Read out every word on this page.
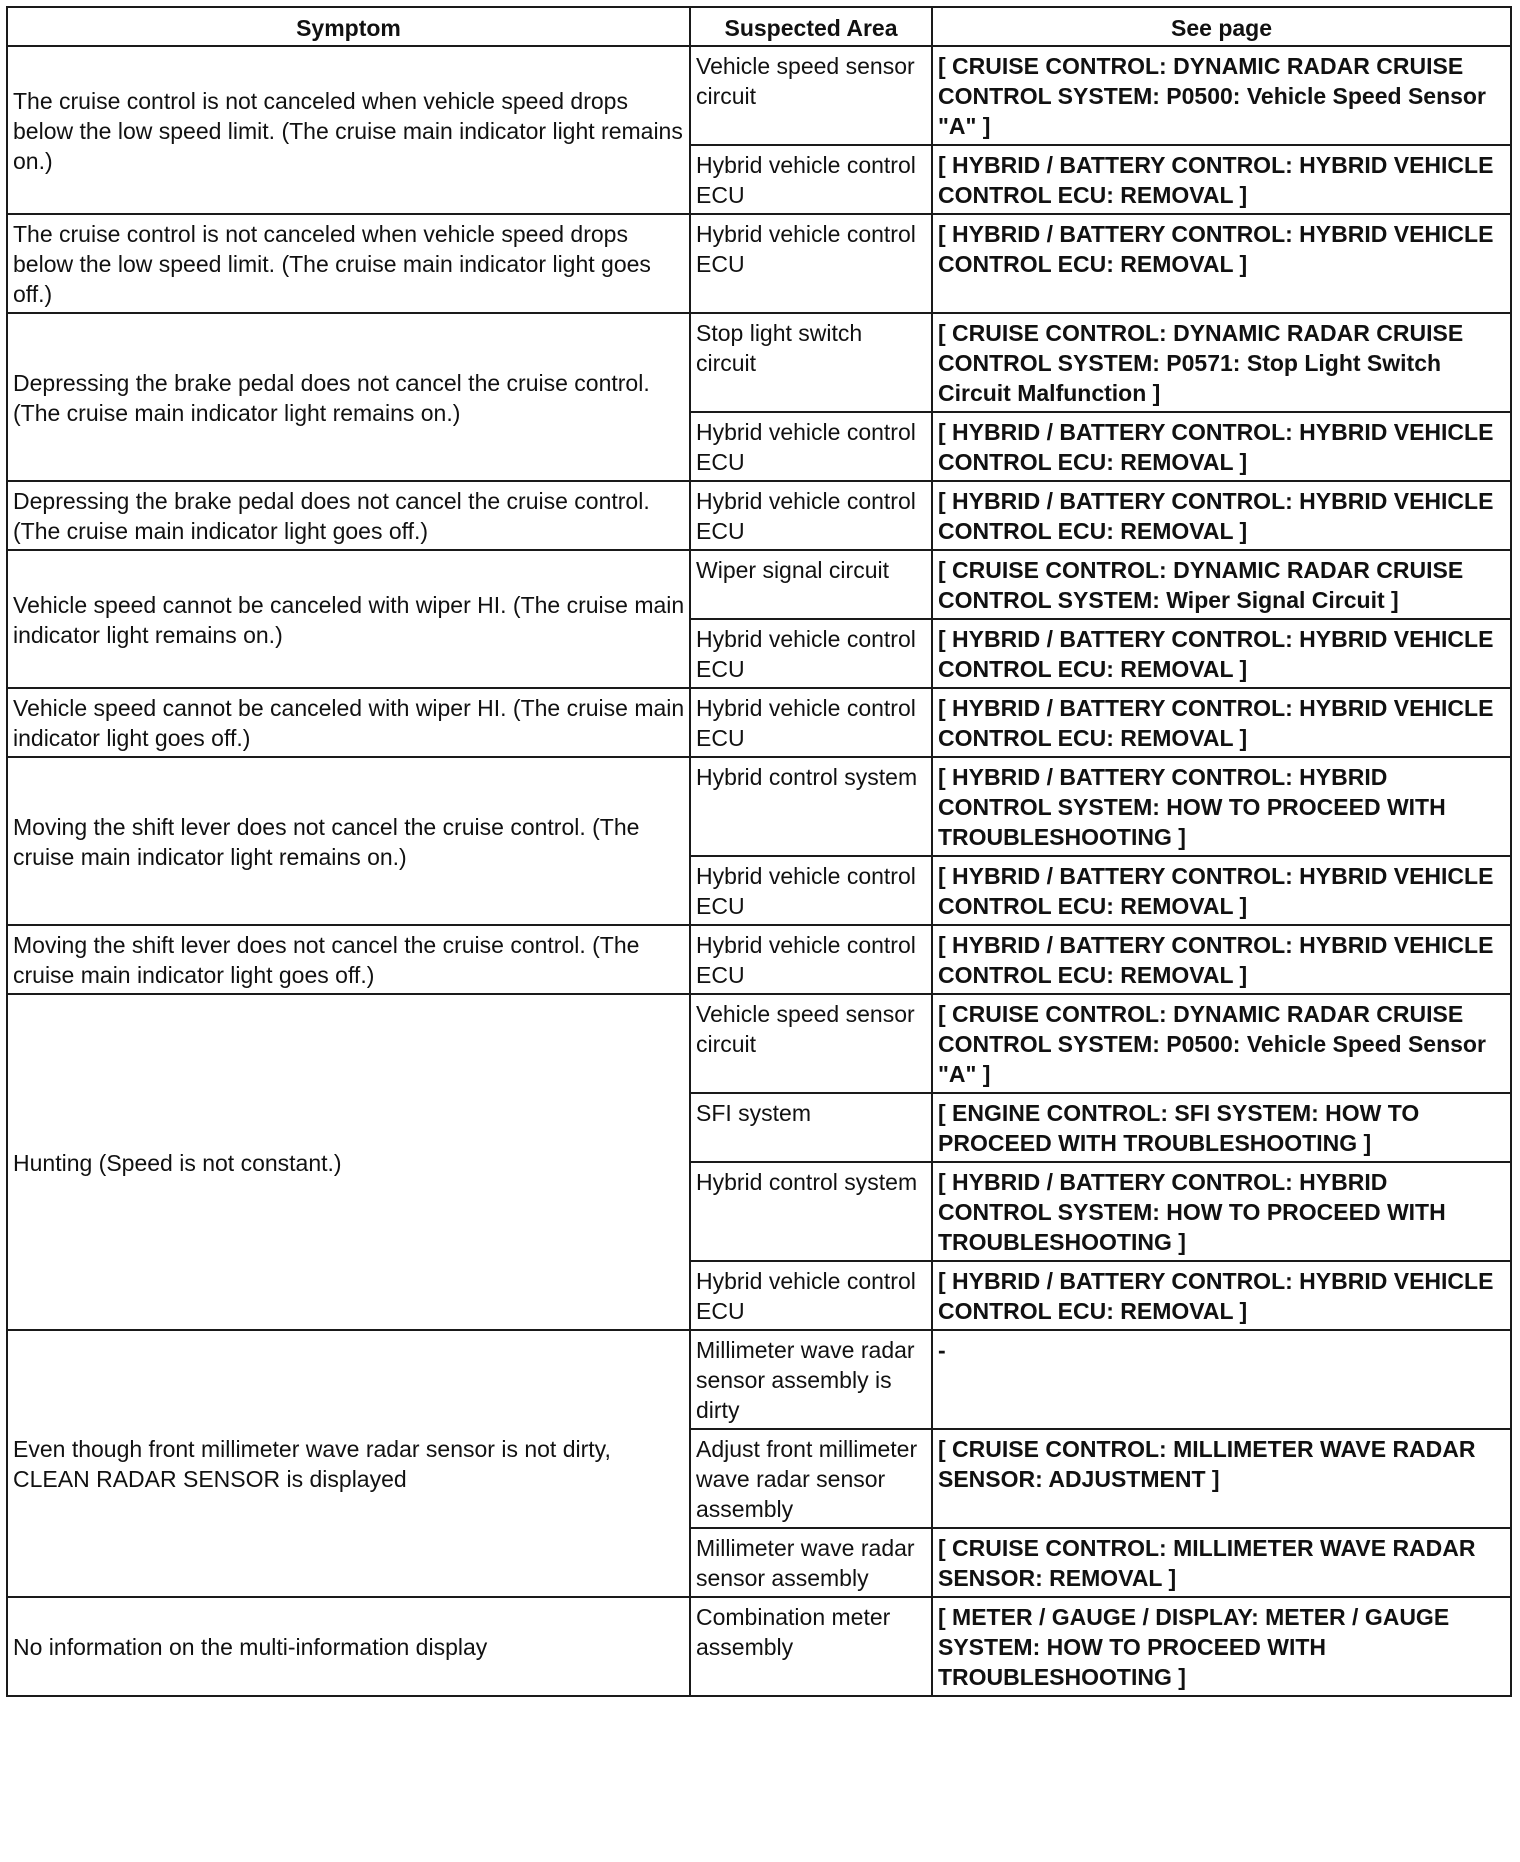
Symptom	Suspected Area	See page
The cruise control is not canceled when vehicle speed drops below the low speed limit. (The cruise main indicator light remains on.)	Vehicle speed sensor circuit	[ CRUISE CONTROL: DYNAMIC RADAR CRUISE CONTROL SYSTEM: P0500: Vehicle Speed Sensor "A" ]
	Hybrid vehicle control ECU	[ HYBRID / BATTERY CONTROL: HYBRID VEHICLE CONTROL ECU: REMOVAL ]
The cruise control is not canceled when vehicle speed drops below the low speed limit. (The cruise main indicator light goes off.)	Hybrid vehicle control ECU	[ HYBRID / BATTERY CONTROL: HYBRID VEHICLE CONTROL ECU: REMOVAL ]
Depressing the brake pedal does not cancel the cruise control. (The cruise main indicator light remains on.)	Stop light switch circuit	[ CRUISE CONTROL: DYNAMIC RADAR CRUISE CONTROL SYSTEM: P0571: Stop Light Switch Circuit Malfunction ]
	Hybrid vehicle control ECU	[ HYBRID / BATTERY CONTROL: HYBRID VEHICLE CONTROL ECU: REMOVAL ]
Depressing the brake pedal does not cancel the cruise control. (The cruise main indicator light goes off.)	Hybrid vehicle control ECU	[ HYBRID / BATTERY CONTROL: HYBRID VEHICLE CONTROL ECU: REMOVAL ]
Vehicle speed cannot be canceled with wiper HI. (The cruise main indicator light remains on.)	Wiper signal circuit	[ CRUISE CONTROL: DYNAMIC RADAR CRUISE CONTROL SYSTEM: Wiper Signal Circuit ]
	Hybrid vehicle control ECU	[ HYBRID / BATTERY CONTROL: HYBRID VEHICLE CONTROL ECU: REMOVAL ]
Vehicle speed cannot be canceled with wiper HI. (The cruise main indicator light goes off.)	Hybrid vehicle control ECU	[ HYBRID / BATTERY CONTROL: HYBRID VEHICLE CONTROL ECU: REMOVAL ]
Moving the shift lever does not cancel the cruise control. (The cruise main indicator light remains on.)	Hybrid control system	[ HYBRID / BATTERY CONTROL: HYBRID CONTROL SYSTEM: HOW TO PROCEED WITH TROUBLESHOOTING ]
	Hybrid vehicle control ECU	[ HYBRID / BATTERY CONTROL: HYBRID VEHICLE CONTROL ECU: REMOVAL ]
Moving the shift lever does not cancel the cruise control. (The cruise main indicator light goes off.)	Hybrid vehicle control ECU	[ HYBRID / BATTERY CONTROL: HYBRID VEHICLE CONTROL ECU: REMOVAL ]
Hunting (Speed is not constant.)	Vehicle speed sensor circuit	[ CRUISE CONTROL: DYNAMIC RADAR CRUISE CONTROL SYSTEM: P0500: Vehicle Speed Sensor "A" ]
	SFI system	[ ENGINE CONTROL: SFI SYSTEM: HOW TO PROCEED WITH TROUBLESHOOTING ]
	Hybrid control system	[ HYBRID / BATTERY CONTROL: HYBRID CONTROL SYSTEM: HOW TO PROCEED WITH TROUBLESHOOTING ]
	Hybrid vehicle control ECU	[ HYBRID / BATTERY CONTROL: HYBRID VEHICLE CONTROL ECU: REMOVAL ]
Even though front millimeter wave radar sensor is not dirty, CLEAN RADAR SENSOR is displayed	Millimeter wave radar sensor assembly is dirty	-
	Adjust front millimeter wave radar sensor assembly	[ CRUISE CONTROL: MILLIMETER WAVE RADAR SENSOR: ADJUSTMENT ]
	Millimeter wave radar sensor assembly	[ CRUISE CONTROL: MILLIMETER WAVE RADAR SENSOR: REMOVAL ]
No information on the multi-information display	Combination meter assembly	[ METER / GAUGE / DISPLAY: METER / GAUGE SYSTEM: HOW TO PROCEED WITH TROUBLESHOOTING ]
